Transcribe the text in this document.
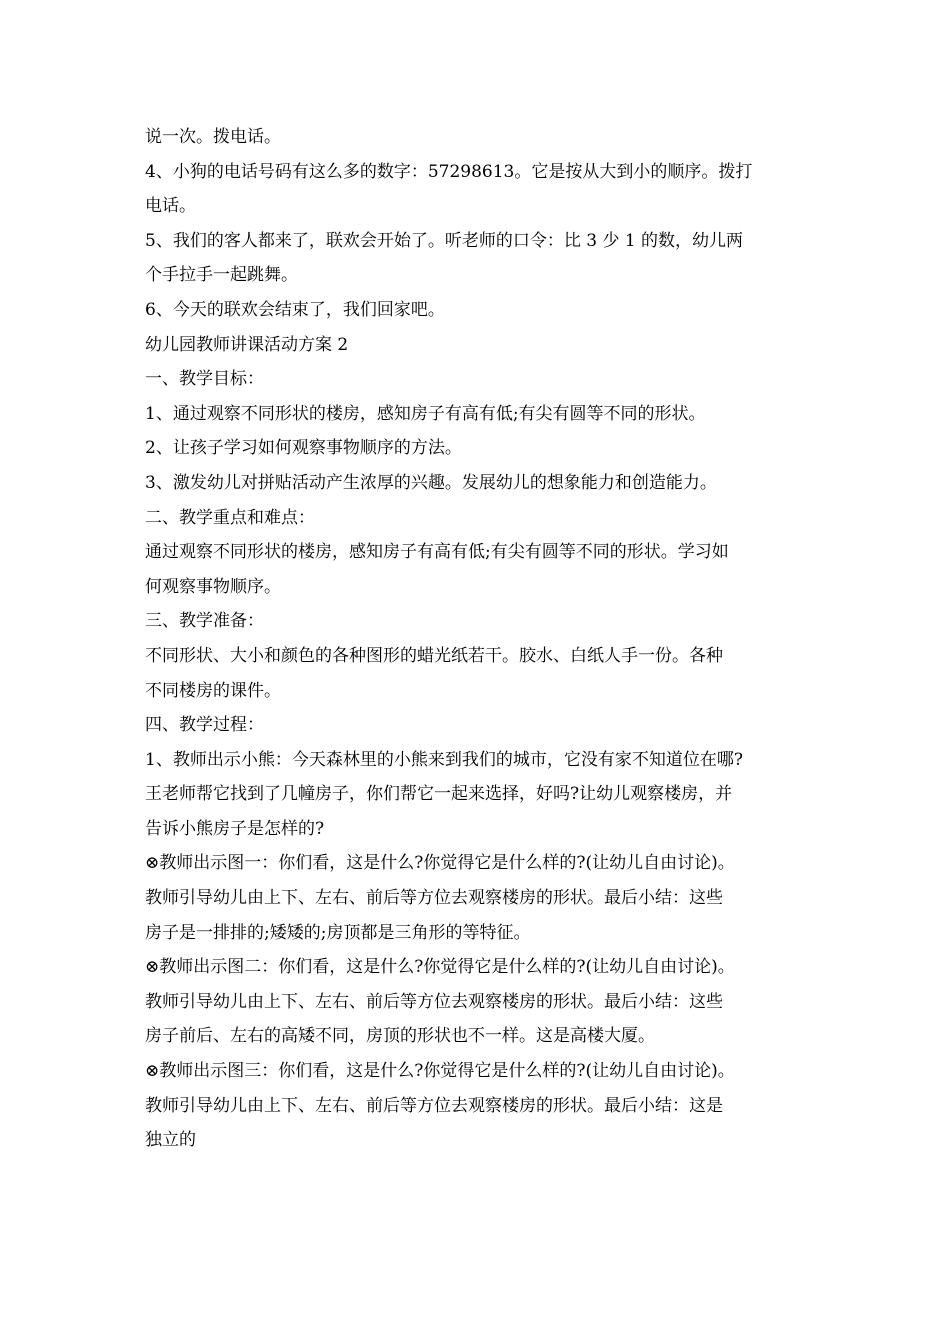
说一次。拨电话。
4、小狗的电话号码有这么多的数字：57298613。它是按从大到小的顺序。拨打
电话。
5、我们的客人都来了，联欢会开始了。听老师的口令：比 3 少 1 的数，幼儿两
个手拉手一起跳舞。
6、今天的联欢会结束了，我们回家吧。
幼儿园教师讲课活动方案 2
一、教学目标：
1、通过观察不同形状的楼房，感知房子有高有低;有尖有圆等不同的形状。
2、让孩子学习如何观察事物顺序的方法。
3、激发幼儿对拼贴活动产生浓厚的兴趣。发展幼儿的想象能力和创造能力。
二、教学重点和难点：
通过观察不同形状的楼房，感知房子有高有低;有尖有圆等不同的形状。学习如
何观察事物顺序。
三、教学准备：
不同形状、大小和颜色的各种图形的蜡光纸若干。胶水、白纸人手一份。各种
不同楼房的课件。
四、教学过程：
1、教师出示小熊：今天森林里的小熊来到我们的城市，它没有家不知道位在哪?
王老师帮它找到了几幢房子，你们帮它一起来选择，好吗?让幼儿观察楼房，并
告诉小熊房子是怎样的?
⊗教师出示图一：你们看，这是什么?你觉得它是什么样的?(让幼儿自由讨论)。
教师引导幼儿由上下、左右、前后等方位去观察楼房的形状。最后小结：这些
房子是一排排的;矮矮的;房顶都是三角形的等特征。
⊗教师出示图二：你们看，这是什么?你觉得它是什么样的?(让幼儿自由讨论)。
教师引导幼儿由上下、左右、前后等方位去观察楼房的形状。最后小结：这些
房子前后、左右的高矮不同，房顶的形状也不一样。这是高楼大厦。
⊗教师出示图三：你们看，这是什么?你觉得它是什么样的?(让幼儿自由讨论)。
教师引导幼儿由上下、左右、前后等方位去观察楼房的形状。最后小结：这是
独立的
